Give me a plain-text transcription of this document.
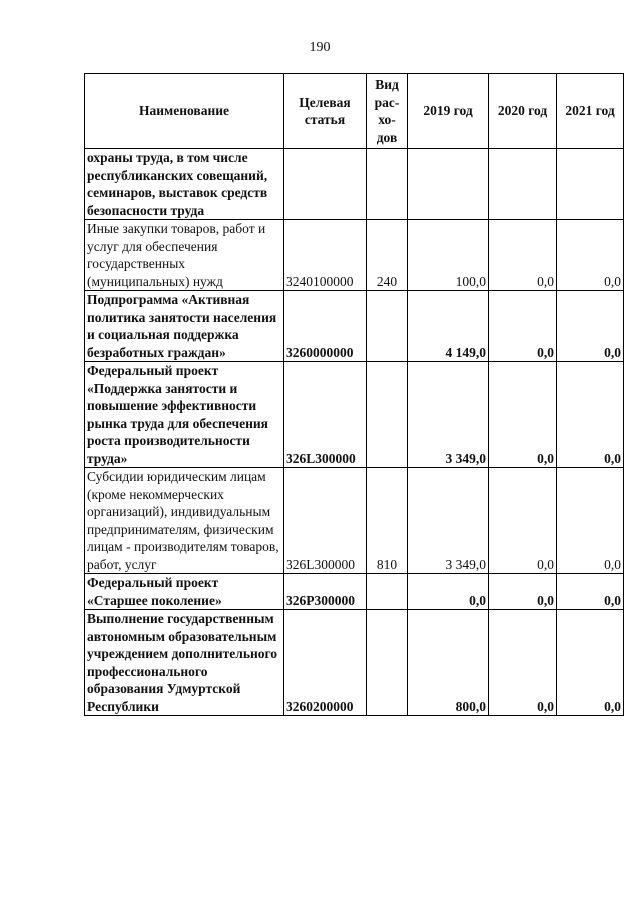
190
Наименование	Целевая статья	Вид рас-хо-дов	2019 год	2020 год	2021 год
охраны труда, в том числе республиканских совещаний, семинаров, выставок средств безопасности труда					
Иные закупки товаров, работ и услуг для обеспечения государственных (муниципальных) нужд	3240100000	240	100,0	0,0	0,0
Подпрограмма «Активная политика занятости населения и социальная поддержка безработных граждан»	3260000000		4 149,0	0,0	0,0
Федеральный проект «Поддержка занятости и повышение эффективности рынка труда для обеспечения роста производительности труда»	326L300000		3 349,0	0,0	0,0
Субсидии юридическим лицам (кроме некоммерческих организаций), индивидуальным предпринимателям, физическим лицам - производителям товаров, работ, услуг	326L300000	810	3 349,0	0,0	0,0
Федеральный проект «Старшее поколение»	326P300000		0,0	0,0	0,0
Выполнение государственным автономным образовательным учреждением дополнительного профессионального образования Удмуртской Республики	3260200000		800,0	0,0	0,0
